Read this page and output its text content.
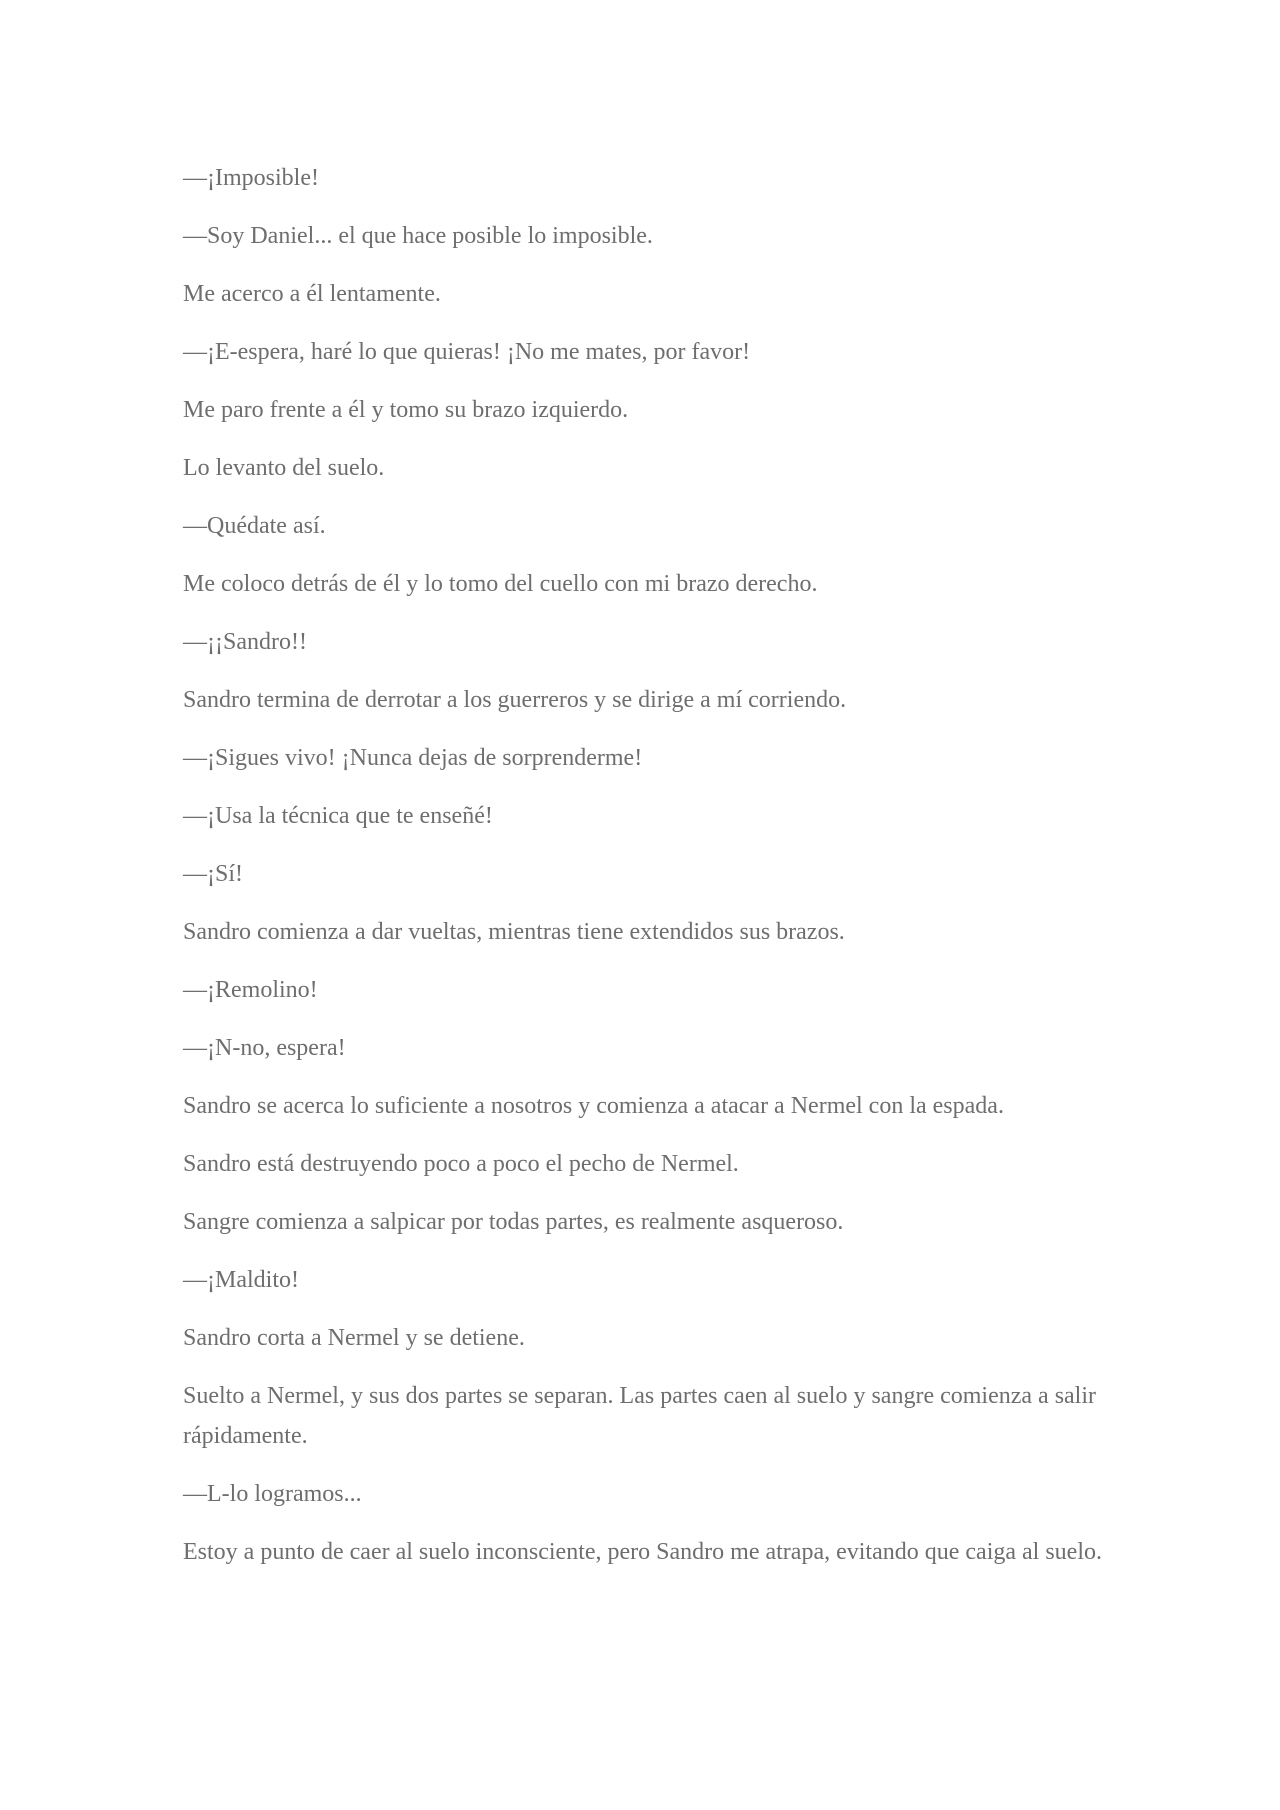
—¡Imposible!

—Soy Daniel... el que hace posible lo imposible.

Me acerco a él lentamente.

—¡E-espera, haré lo que quieras! ¡No me mates, por favor!

Me paro frente a él y tomo su brazo izquierdo.

Lo levanto del suelo.

—Quédate así.

Me coloco detrás de él y lo tomo del cuello con mi brazo derecho.

—¡¡Sandro!!

Sandro termina de derrotar a los guerreros y se dirige a mí corriendo.

—¡Sigues vivo! ¡Nunca dejas de sorprenderme!

—¡Usa la técnica que te enseñé!

—¡Sí!

Sandro comienza a dar vueltas, mientras tiene extendidos sus brazos.

—¡Remolino!

—¡N-no, espera!

Sandro se acerca lo suficiente a nosotros y comienza a atacar a Nermel con la espada.

Sandro está destruyendo poco a poco el pecho de Nermel.

Sangre comienza a salpicar por todas partes, es realmente asqueroso.

—¡Maldito!

Sandro corta a Nermel y se detiene.

Suelto a Nermel, y sus dos partes se separan. Las partes caen al suelo y sangre comienza a salir rápidamente.

—L-lo logramos...

Estoy a punto de caer al suelo inconsciente, pero Sandro me atrapa, evitando que caiga al suelo.
